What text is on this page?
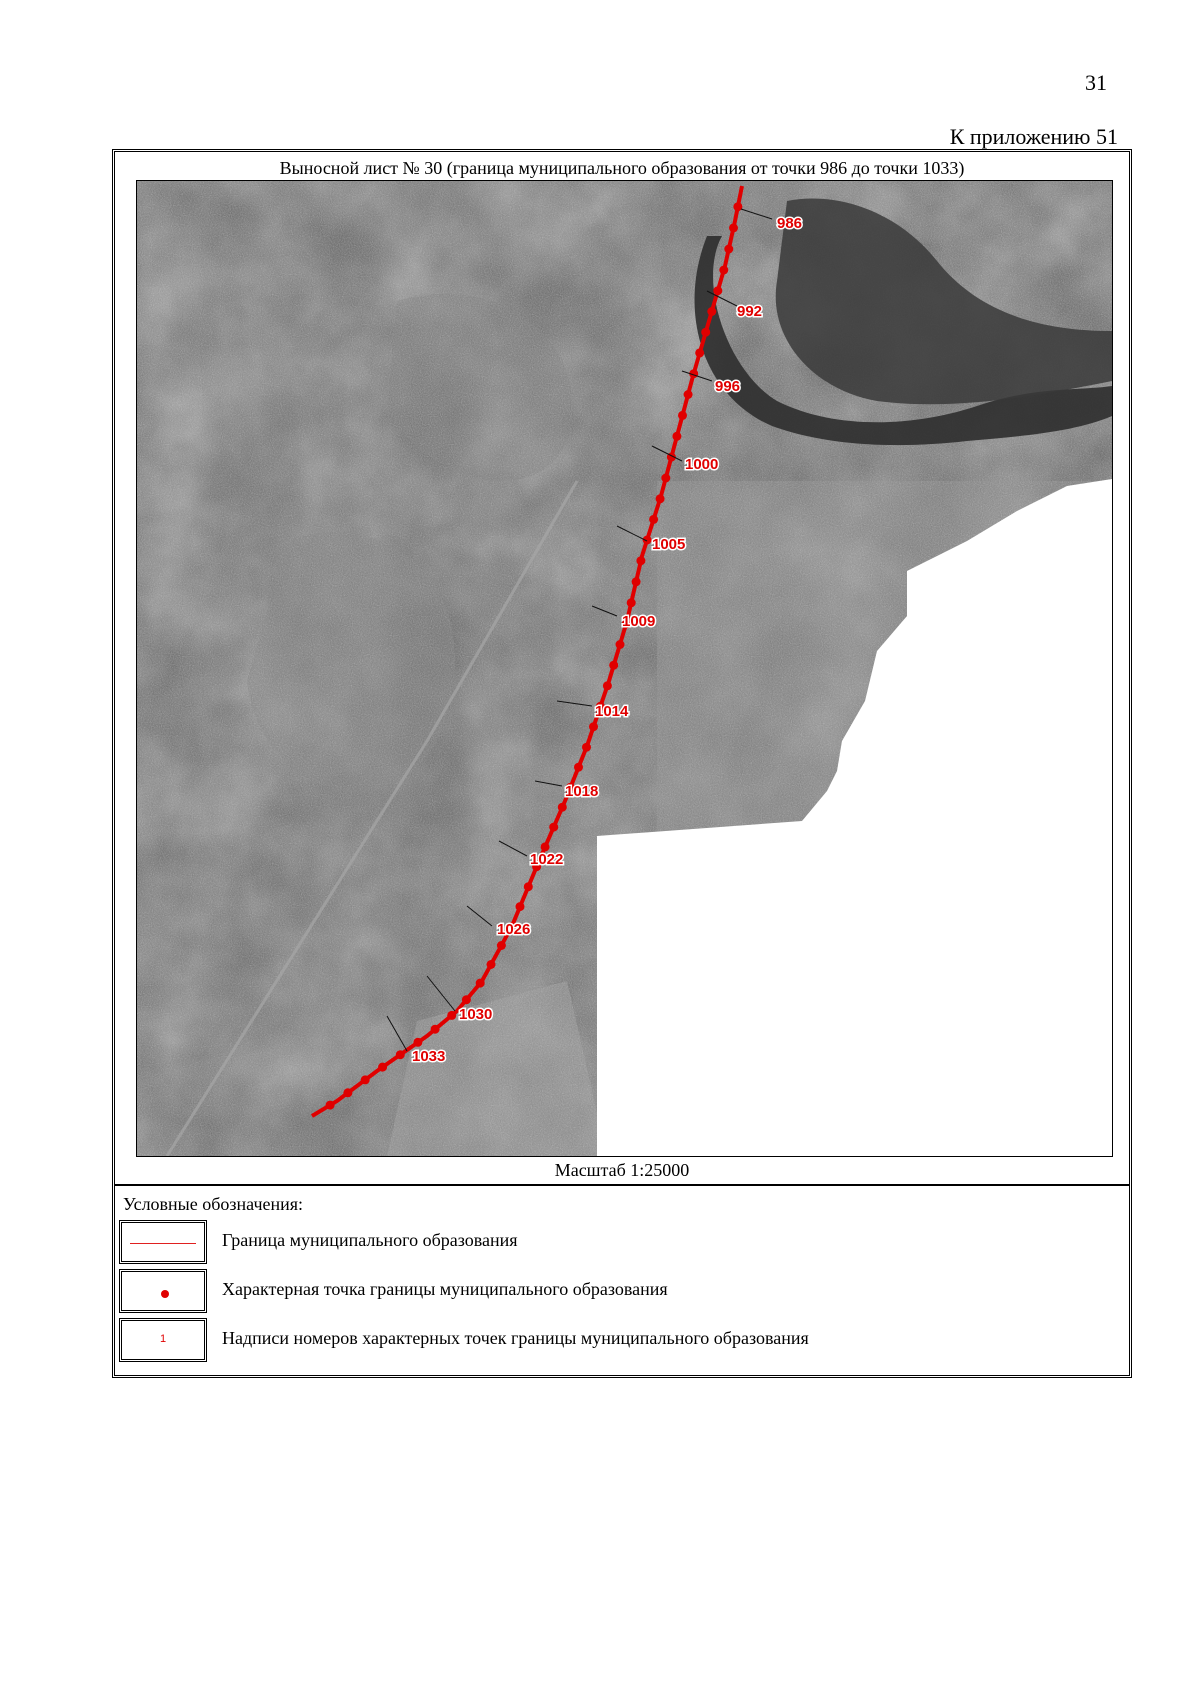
31
К приложению 51
Выносной лист № 30 (граница муниципального образования от точки 986 до точки 1033)
986
992
996
1000
1005
1009
1014
1018
1022
1026
1030
1033
Масштаб 1:25000
Условные обозначения:
Граница муниципального образования
Характерная точка границы муниципального образования
1	Надписи номеров характерных точек границы муниципального образования
